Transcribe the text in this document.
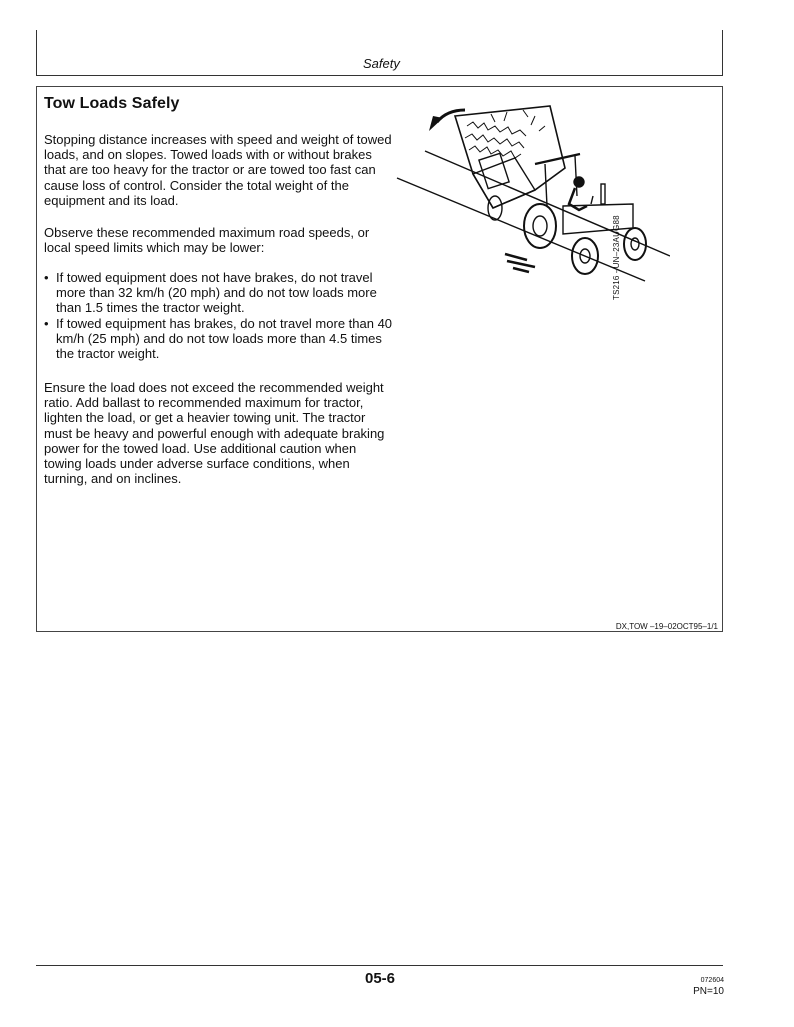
Safety
Tow Loads Safely

Stopping distance increases with speed and weight of towed loads, and on slopes. Towed loads with or without brakes that are too heavy for the tractor or are towed too fast can cause loss of control. Consider the total weight of the equipment and its load.

Observe these recommended maximum road speeds, or local speed limits which may be lower:

• If towed equipment does not have brakes, do not travel more than 32 km/h (20 mph) and do not tow loads more than 1.5 times the tractor weight.
• If towed equipment has brakes, do not travel more than 40 km/h (25 mph) and do not tow loads more than 4.5 times the tractor weight.

Ensure the load does not exceed the recommended weight ratio. Add ballast to recommended maximum for tractor, lighten the load, or get a heavier towing unit. The tractor must be heavy and powerful enough with adequate braking power for the towed load. Use additional caution when towing loads under adverse surface conditions, when turning, and on inclines.

TS216 –UN–23AUG88
DX,TOW –19–02OCT95–1/1
05-6	072604
PN=10
